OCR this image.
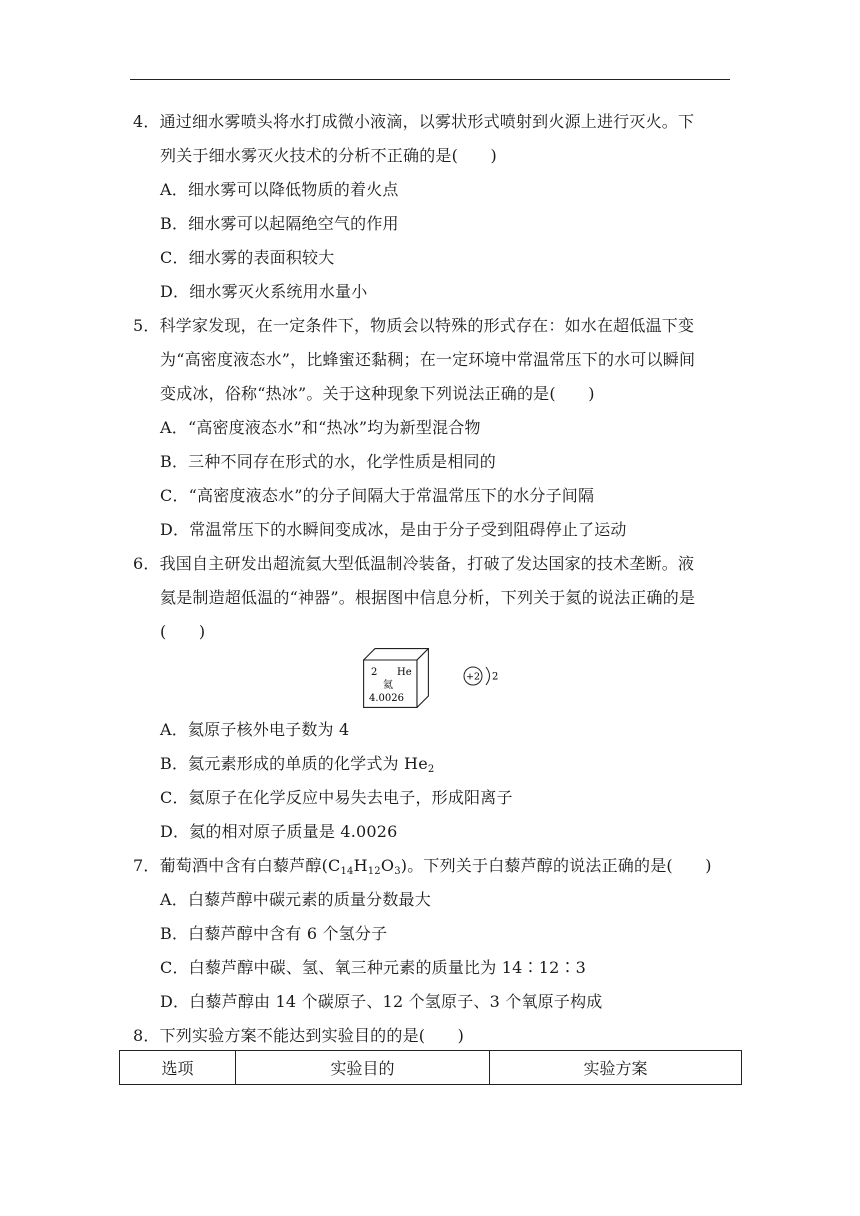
4．通过细水雾喷头将水打成微小液滴，以雾状形式喷射到火源上进行灭火。下
列关于细水雾灭火技术的分析不正确的是(　　)
A．细水雾可以降低物质的着火点
B．细水雾可以起隔绝空气的作用
C．细水雾的表面积较大
D．细水雾灭火系统用水量小
5．科学家发现，在一定条件下，物质会以特殊的形式存在：如水在超低温下变
为“高密度液态水”，比蜂蜜还黏稠；在一定环境中常温常压下的水可以瞬间
变成冰，俗称“热冰”。关于这种现象下列说法正确的是(　　)
A．“高密度液态水”和“热冰”均为新型混合物
B．三种不同存在形式的水，化学性质是相同的
C．“高密度液态水”的分子间隔大于常温常压下的水分子间隔
D．常温常压下的水瞬间变成冰，是由于分子受到阻碍停止了运动
6．我国自主研发出超流氦大型低温制冷装备，打破了发达国家的技术垄断。液
氦是制造超低温的“神器”。根据图中信息分析，下列关于氦的说法正确的是
(　　)
2 He
氦
4.0026
+2 2
A．氦原子核外电子数为 4
B．氦元素形成的单质的化学式为 $He_2$
C．氦原子在化学反应中易失去电子，形成阳离子
D．氦的相对原子质量是 4.0026
7．葡萄酒中含有白藜芦醇$(C_{14}H_{12}O_3)$。下列关于白藜芦醇的说法正确的是(　　)
A．白藜芦醇中碳元素的质量分数最大
B．白藜芦醇中含有 6 个氢分子
C．白藜芦醇中碳、氢、氧三种元素的质量比为 14∶12∶3
D．白藜芦醇由 14 个碳原子、12 个氢原子、3 个氧原子构成
8．下列实验方案不能达到实验目的的是(　　)
选项	实验目的	实验方案
